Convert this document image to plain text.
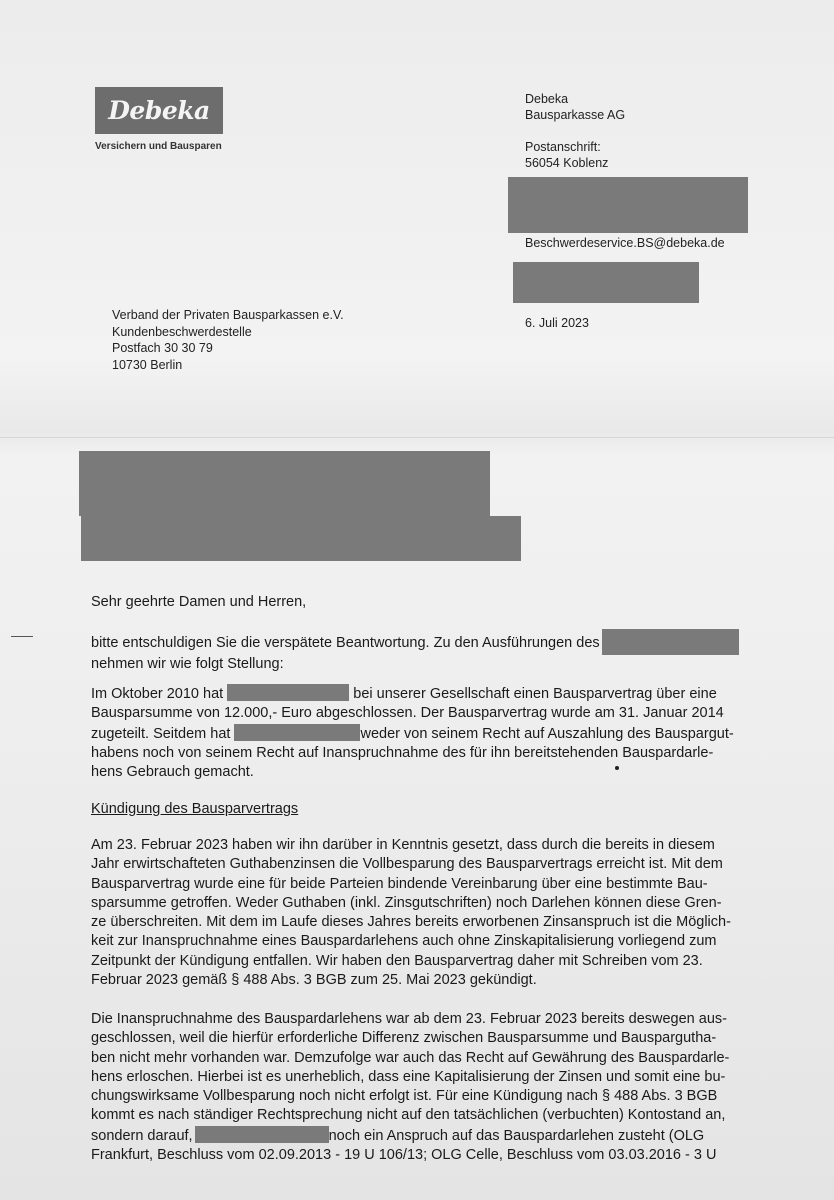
Debeka
Versichern und Bausparen
Debeka
Bausparkasse AG
Postanschrift:
56054 Koblenz
Beschwerdeservice.BS@debeka.de
6. Juli 2023
Verband der Privaten Bausparkassen e.V.
Kundenbeschwerdestelle
Postfach 30 30 79
10730 Berlin
Sehr geehrte Damen und Herren,
bitte entschuldigen Sie die verspätete Beantwortung. Zu den Ausführungen des
nehmen wir wie folgt Stellung:
Im Oktober 2010 hat	bei unserer Gesellschaft einen Bausparvertrag über eine
Bausparsumme von 12.000,- Euro abgeschlossen. Der Bausparvertrag wurde am 31. Januar 2014
zugeteilt. Seitdem hat	weder von seinem Recht auf Auszahlung des Bauspargut-
habens noch von seinem Recht auf Inanspruchnahme des für ihn bereitstehenden Bauspardarle-
hens Gebrauch gemacht.
Kündigung des Bausparvertrags
Am 23. Februar 2023 haben wir ihn darüber in Kenntnis gesetzt, dass durch die bereits in diesem
Jahr erwirtschafteten Guthabenzinsen die Vollbesparung des Bausparvertrags erreicht ist. Mit dem
Bausparvertrag wurde eine für beide Parteien bindende Vereinbarung über eine bestimmte Bau-
sparsumme getroffen. Weder Guthaben (inkl. Zinsgutschriften) noch Darlehen können diese Gren-
ze überschreiten. Mit dem im Laufe dieses Jahres bereits erworbenen Zinsanspruch ist die Möglich-
keit zur Inanspruchnahme eines Bauspardarlehens auch ohne Zinskapitalisierung vorliegend zum
Zeitpunkt der Kündigung entfallen. Wir haben den Bausparvertrag daher mit Schreiben vom 23.
Februar 2023 gemäß § 488 Abs. 3 BGB zum 25. Mai 2023 gekündigt.
Die Inanspruchnahme des Bauspardarlehens war ab dem 23. Februar 2023 bereits deswegen aus-
geschlossen, weil die hierfür erforderliche Differenz zwischen Bausparsumme und Bausparguthа-
ben nicht mehr vorhanden war. Demzufolge war auch das Recht auf Gewährung des Bauspardarle-
hens erloschen. Hierbei ist es unerheblich, dass eine Kapitalisierung der Zinsen und somit eine bu-
chungswirksame Vollbesparung noch nicht erfolgt ist. Für eine Kündigung nach § 488 Abs. 3 BGB
kommt es nach ständiger Rechtsprechung nicht auf den tatsächlichen (verbuchten) Kontostand an,
sondern darauf,	noch ein Anspruch auf das Bauspardarlehen zusteht (OLG
Frankfurt, Beschluss vom 02.09.2013 - 19 U 106/13; OLG Celle, Beschluss vom 03.03.2016 - 3 U
